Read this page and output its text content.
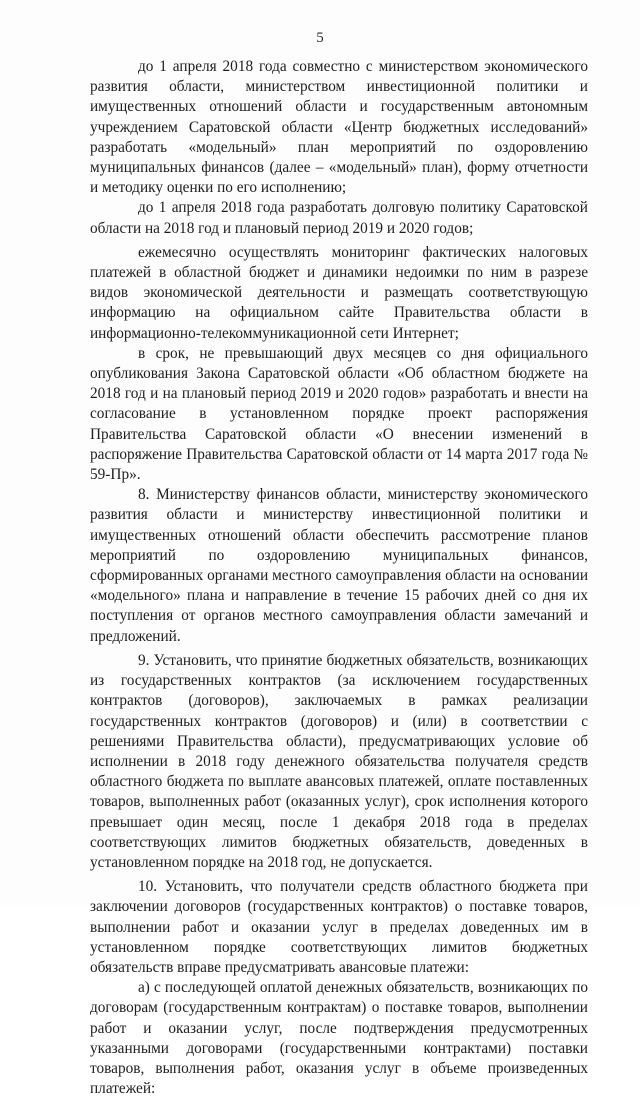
5

до 1 апреля 2018 года совместно с министерством экономического развития области, министерством инвестиционной политики и имущественных отношений области и государственным автономным учреждением Саратовской области «Центр бюджетных исследований» разработать «модельный» план мероприятий по оздоровлению муниципальных финансов (далее – «модельный» план), форму отчетности и методику оценки по его исполнению;

до 1 апреля 2018 года разработать долговую политику Саратовской области на 2018 год и плановый период 2019 и 2020 годов;

ежемесячно осуществлять мониторинг фактических налоговых платежей в областной бюджет и динамики недоимки по ним в разрезе видов экономической деятельности и размещать соответствующую информацию на официальном сайте Правительства области в информационно-телекоммуникационной сети Интернет;

в срок, не превышающий двух месяцев со дня официального опубликования Закона Саратовской области «Об областном бюджете на 2018 год и на плановый период 2019 и 2020 годов» разработать и внести на согласование в установленном порядке проект распоряжения Правительства Саратовской области «О внесении изменений в распоряжение Правительства Саратовской области от 14 марта 2017 года № 59-Пр».

8. Министерству финансов области, министерству экономического развития области и министерству инвестиционной политики и имущественных отношений области обеспечить рассмотрение планов мероприятий по оздоровлению муниципальных финансов, сформированных органами местного самоуправления области на основании «модельного» плана и направление в течение 15 рабочих дней со дня их поступления от органов местного самоуправления области замечаний и предложений.

9. Установить, что принятие бюджетных обязательств, возникающих из государственных контрактов (за исключением государственных контрактов (договоров), заключаемых в рамках реализации государственных контрактов (договоров) и (или) в соответствии с решениями Правительства области), предусматривающих условие об исполнении в 2018 году денежного обязательства получателя средств областного бюджета по выплате авансовых платежей, оплате поставленных товаров, выполненных работ (оказанных услуг), срок исполнения которого превышает один месяц, после 1 декабря 2018 года в пределах соответствующих лимитов бюджетных обязательств, доведенных в установленном порядке на 2018 год, не допускается.

10. Установить, что получатели средств областного бюджета при заключении договоров (государственных контрактов) о поставке товаров, выполнении работ и оказании услуг в пределах доведенных им в установленном порядке соответствующих лимитов бюджетных обязательств вправе предусматривать авансовые платежи:

а) с последующей оплатой денежных обязательств, возникающих по договорам (государственным контрактам) о поставке товаров, выполнении работ и оказании услуг, после подтверждения предусмотренных указанными договорами (государственными контрактами) поставки товаров, выполнения работ, оказания услуг в объеме произведенных платежей:
